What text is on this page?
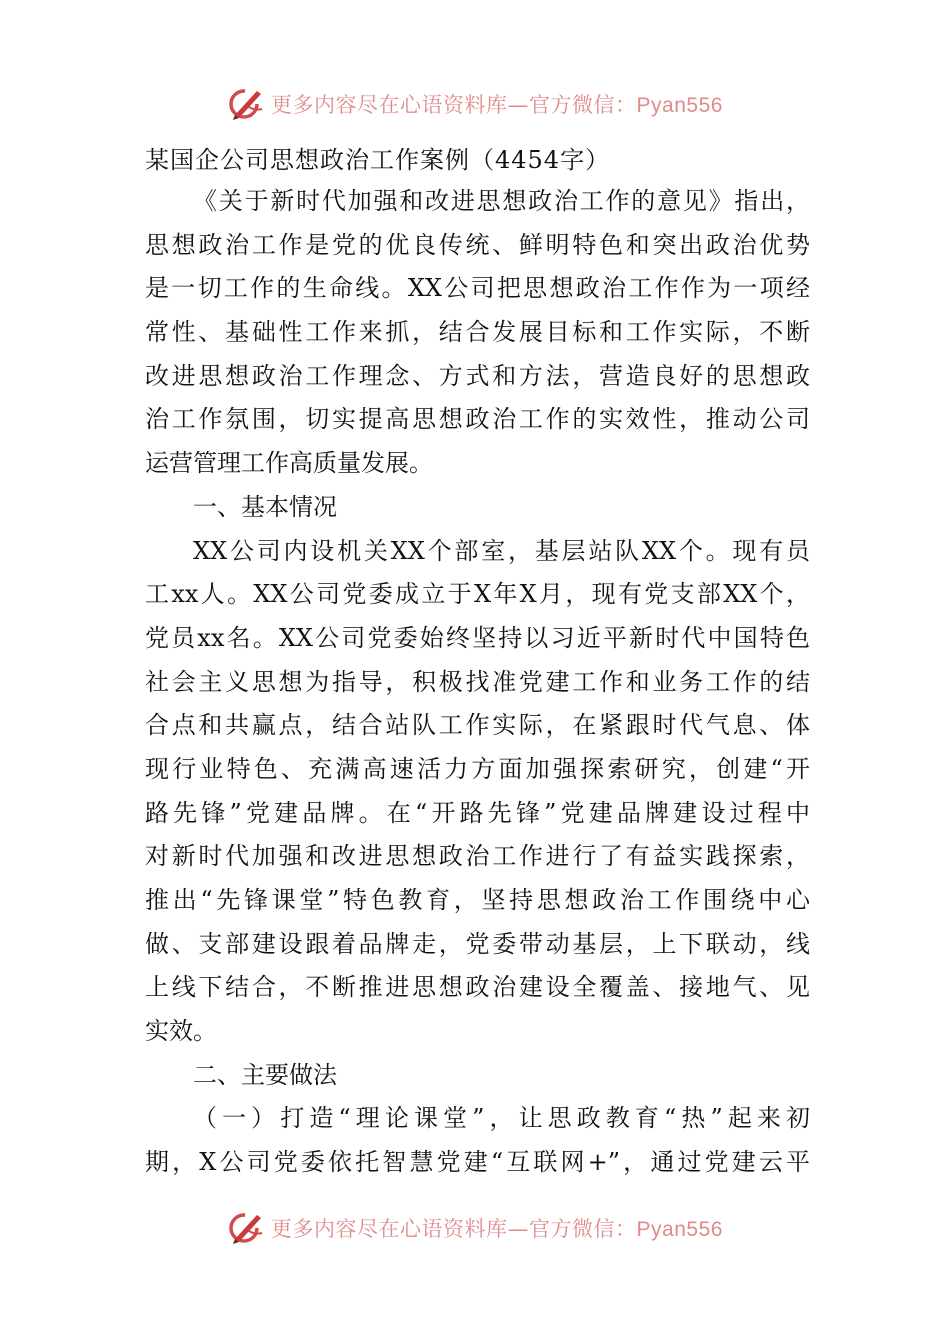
更多内容尽在心语资料库—官方微信：Pyan556
某国企公司思想政治工作案例（4454字）
《关于新时代加强和改进思想政治工作的意见》指出，
思想政治工作是党的优良传统、鲜明特色和突出政治优势
是一切工作的生命线。XX公司把思想政治工作作为一项经
常性、基础性工作来抓，结合发展目标和工作实际，不断
改进思想政治工作理念、方式和方法，营造良好的思想政
治工作氛围，切实提高思想政治工作的实效性，推动公司
运营管理工作高质量发展。
一、基本情况
XX公司内设机关XX个部室，基层站队XX个。现有员
工xx人。XX公司党委成立于X年X月，现有党支部XX个，
党员xx名。XX公司党委始终坚持以习近平新时代中国特色
社会主义思想为指导，积极找准党建工作和业务工作的结
合点和共赢点，结合站队工作实际，在紧跟时代气息、体
现行业特色、充满高速活力方面加强探索研究，创建“开
路先锋”党建品牌。在“开路先锋”党建品牌建设过程中
对新时代加强和改进思想政治工作进行了有益实践探索，
推出“先锋课堂”特色教育，坚持思想政治工作围绕中心
做、支部建设跟着品牌走，党委带动基层，上下联动，线
上线下结合，不断推进思想政治建设全覆盖、接地气、见
实效。
二、主要做法
（一）打造“理论课堂”，让思政教育“热”起来初
期，X公司党委依托智慧党建“互联网+”，通过党建云平
更多内容尽在心语资料库—官方微信：Pyan556
